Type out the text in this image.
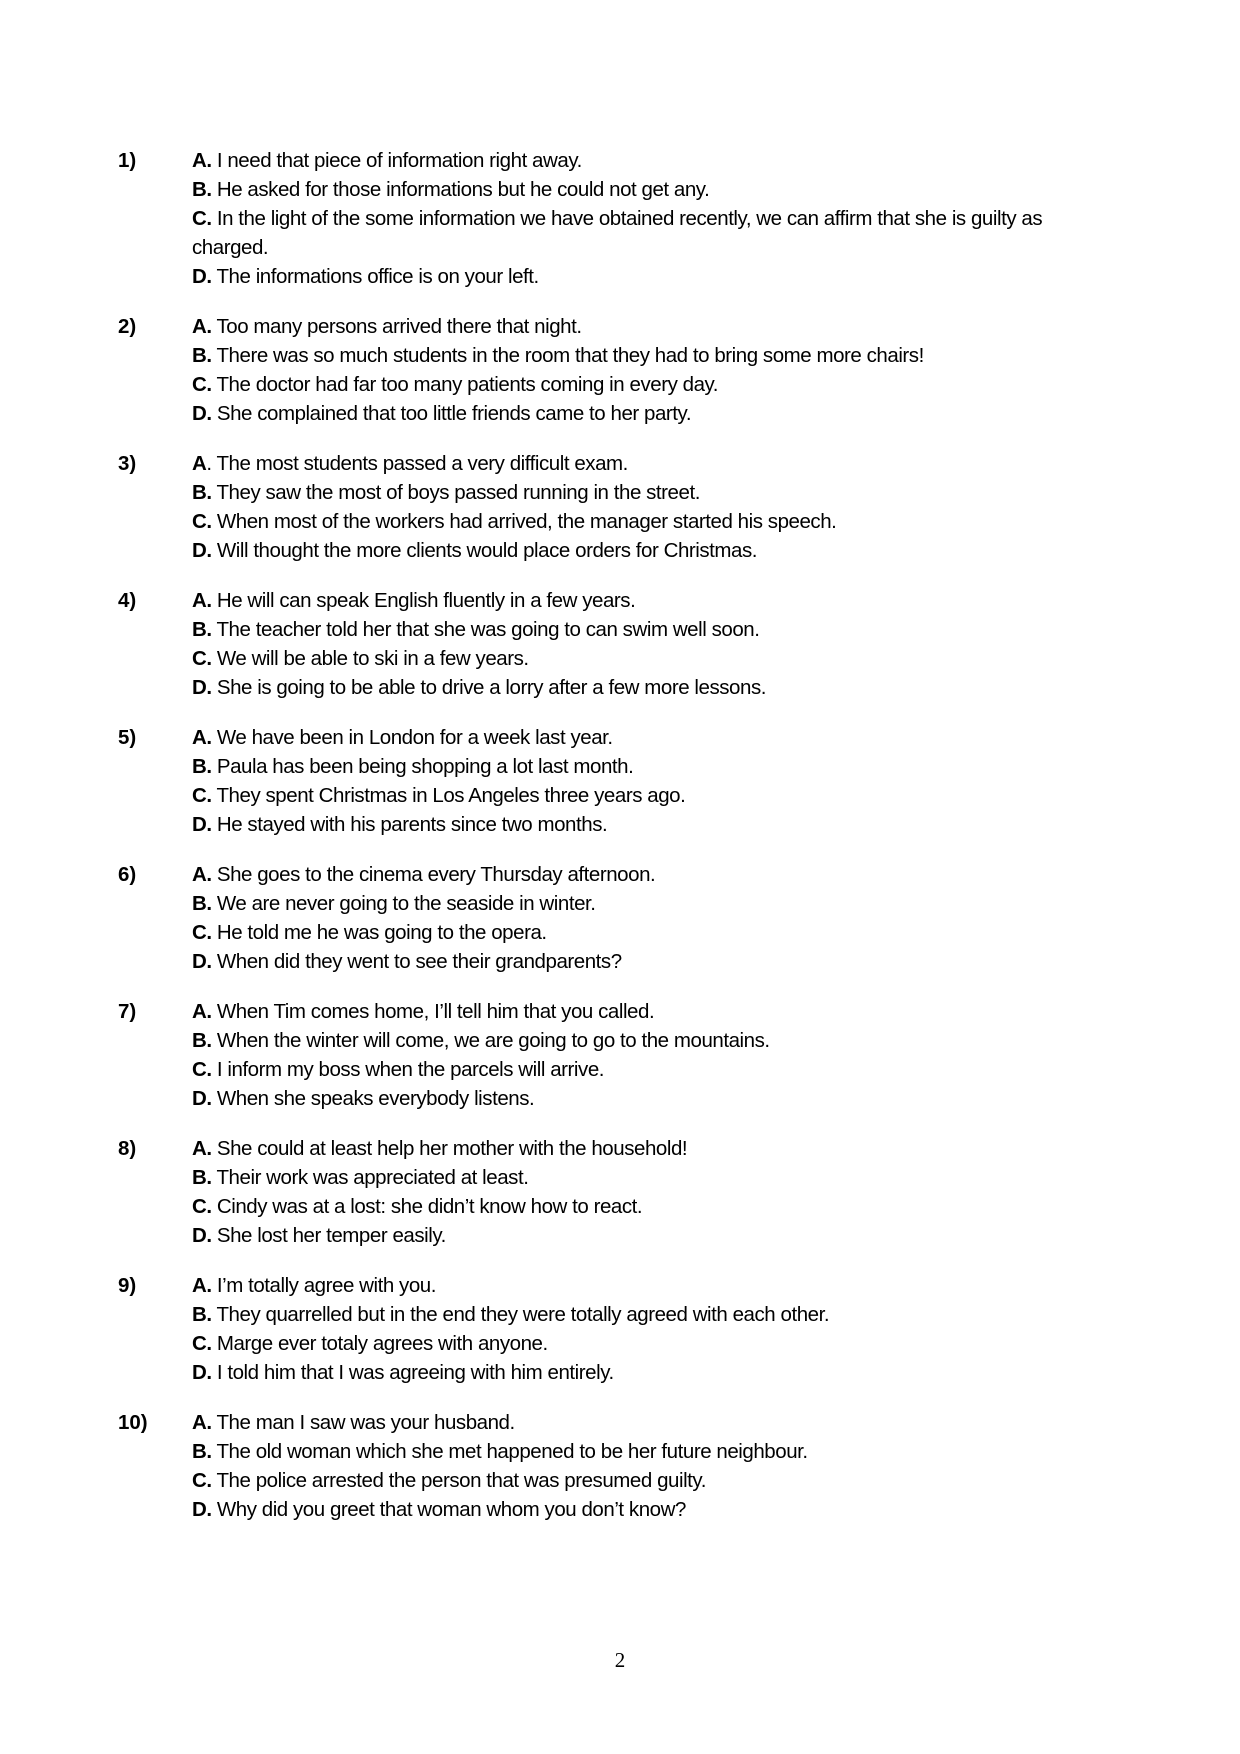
1)	A. I need that piece of information right away.
B. He asked for those informations but he could not get any.
C. In the light of the some information we have obtained recently, we can affirm that she is guilty as charged.
D. The informations office is on your left.
2)	A. Too many persons arrived there that night.
B. There was so much students in the room that they had to bring some more chairs!
C. The doctor had far too many patients coming in every day.
D. She complained that too little friends came to her party.
3)	A. The most students passed a very difficult exam.
B. They saw the most of boys passed running in the street.
C. When most of the workers had arrived, the manager started his speech.
D. Will thought the more clients would place orders for Christmas.
4)	A. He will can speak English fluently in a few years.
B. The teacher told her that she was going to can swim well soon.
C. We will be able to ski in a few years.
D. She is going to be able to drive a lorry after a few more lessons.
5)	A. We have been in London for a week last year.
B. Paula has been being shopping a lot last month.
C. They spent Christmas in Los Angeles three years ago.
D. He stayed with his parents since two months.
6)	A. She goes to the cinema every Thursday afternoon.
B. We are never going to the seaside in winter.
C. He told me he was going to the opera.
D. When did they went to see their grandparents?
7)	A. When Tim comes home, I’ll tell him that you called.
B. When the winter will come, we are going to go to the mountains.
C. I inform my boss when the parcels will arrive.
D. When she speaks everybody listens.
8)	A. She could at least help her mother with the household!
B. Their work was appreciated at least.
C. Cindy was at a lost: she didn’t know how to react.
D. She lost her temper easily.
9)	A. I’m totally agree with you.
B. They quarrelled but in the end they were totally agreed with each other.
C. Marge ever totaly agrees with anyone.
D. I told him that I was agreeing with him entirely.
10) A. The man I saw was your husband.
B. The old woman which she met happened to be her future neighbour.
C. The police arrested the person that was presumed guilty.
D. Why did you greet that woman whom you don’t know?
2
